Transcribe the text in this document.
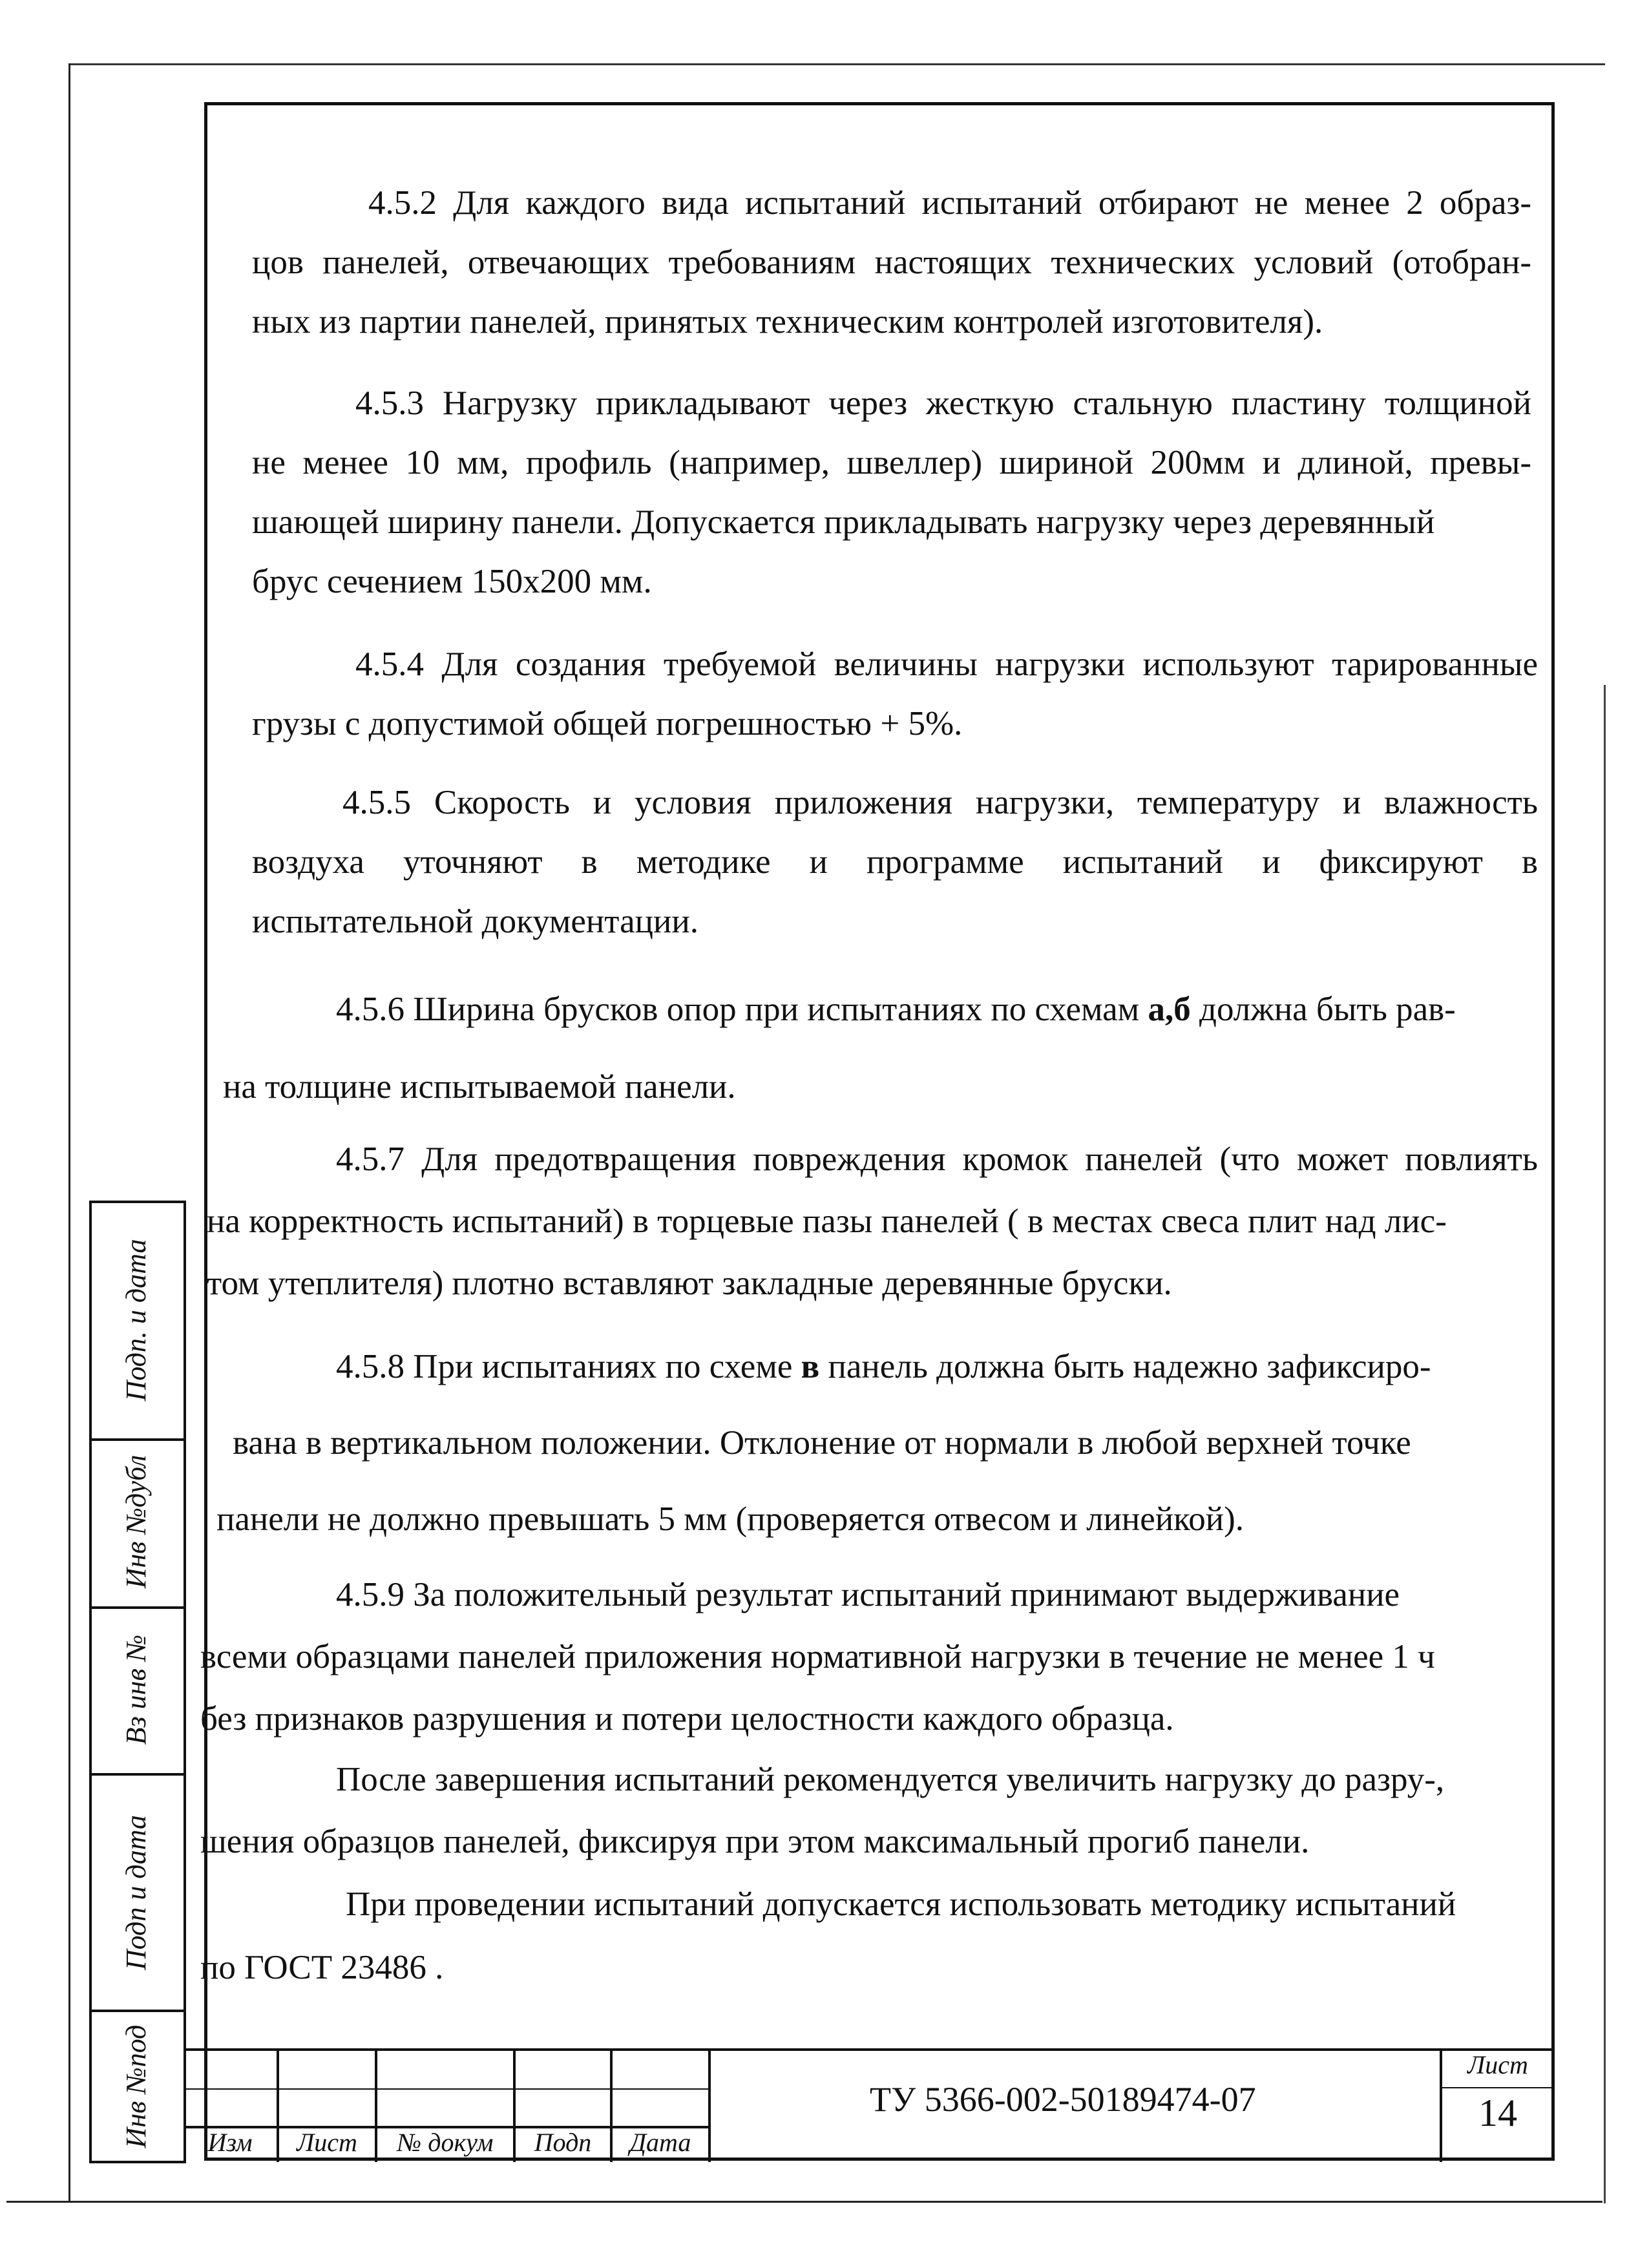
4.5.2 Для каждого вида испытаний испытаний отбирают не менее 2 образ-
цов панелей, отвечающих требованиям настоящих технических условий (отобран-
ных из партии панелей, принятых техническим контролей изготовителя).
4.5.3 Нагрузку прикладывают через жесткую стальную пластину толщиной
не менее 10 мм, профиль (например, швеллер) шириной 200мм и длиной, превы-
шающей ширину панели. Допускается прикладывать нагрузку через деревянный
брус сечением 150х200 мм.
4.5.4 Для создания требуемой величины нагрузки используют тарированные
грузы с допустимой общей погрешностью + 5%.
4.5.5 Скорость и условия приложения нагрузки, температуру и влажность
воздуха уточняют в методике и программе испытаний и фиксируют в
испытательной документации.
4.5.6 Ширина брусков опор при испытаниях по схемам а,б должна быть рав-
на толщине испытываемой панели.
4.5.7 Для предотвращения повреждения кромок панелей (что может повлиять
на корректность испытаний) в торцевые пазы панелей ( в местах свеса плит над лис-
том утеплителя) плотно вставляют закладные деревянные бруски.
4.5.8 При испытаниях по схеме в панель должна быть надежно зафиксиро-
вана в вертикальном положении. Отклонение от нормали в любой верхней точке
панели не должно превышать 5 мм (проверяется отвесом и линейкой).
4.5.9 За положительный результат испытаний принимают выдерживание
всеми образцами панелей приложения нормативной нагрузки в течение не менее 1 ч
без признаков разрушения и потери целостности каждого образца.
После завершения испытаний рекомендуется увеличить нагрузку до разру-,
шения образцов панелей, фиксируя при этом максимальный прогиб панели.
При проведении испытаний допускается использовать методику испытаний
по ГОСТ 23486 .
Подп. и дата
Инв №дубл
Вз инв №
Подп и дата
Инв №под	Изм	Лист	№ докум	Подп	Дата
ТУ 5366-002-50189474-07
Лист
14
